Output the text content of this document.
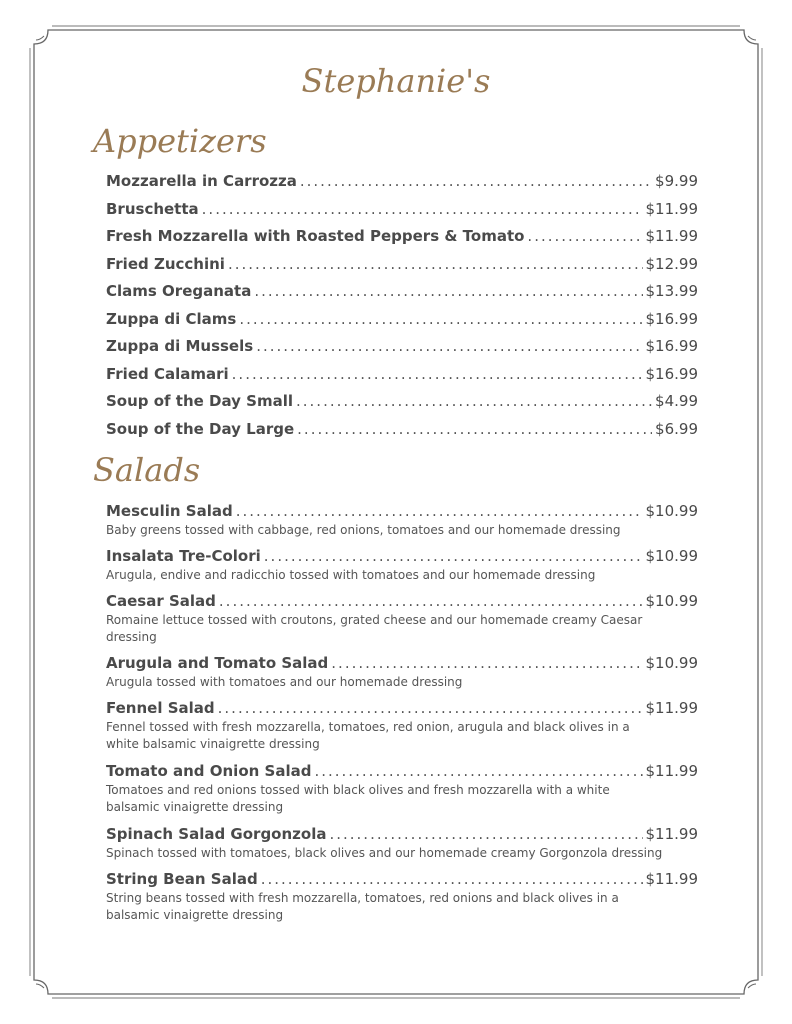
Stephanie's
Appetizers
Mozzarella in Carrozza .....	$9.99
Bruschetta .....	$11.99
Fresh Mozzarella with Roasted Peppers & Tomato .....	$11.99
Fried Zucchini .....	$12.99
Clams Oreganata .....	$13.99
Zuppa di Clams .....	$16.99
Zuppa di Mussels .....	$16.99
Fried Calamari .....	$16.99
Soup of the Day Small .....	$4.99
Soup of the Day Large .....	$6.99
Salads
Mesculin Salad .....	$10.99
Baby greens tossed with cabbage, red onions, tomatoes and our homemade dressing
Insalata Tre-Colori .....	$10.99
Arugula, endive and radicchio tossed with tomatoes and our homemade dressing
Caesar Salad .....	$10.99
Romaine lettuce tossed with croutons, grated cheese and our homemade creamy Caesar dressing
Arugula and Tomato Salad .....	$10.99
Arugula tossed with tomatoes and our homemade dressing
Fennel Salad .....	$11.99
Fennel tossed with fresh mozzarella, tomatoes, red onion, arugula and black olives in a white balsamic vinaigrette dressing
Tomato and Onion Salad .....	$11.99
Tomatoes and red onions tossed with black olives and fresh mozzarella with a white balsamic vinaigrette dressing
Spinach Salad Gorgonzola .....	$11.99
Spinach tossed with tomatoes, black olives and our homemade creamy Gorgonzola dressing
String Bean Salad .....	$11.99
String beans tossed with fresh mozzarella, tomatoes, red onions and black olives in a balsamic vinaigrette dressing
